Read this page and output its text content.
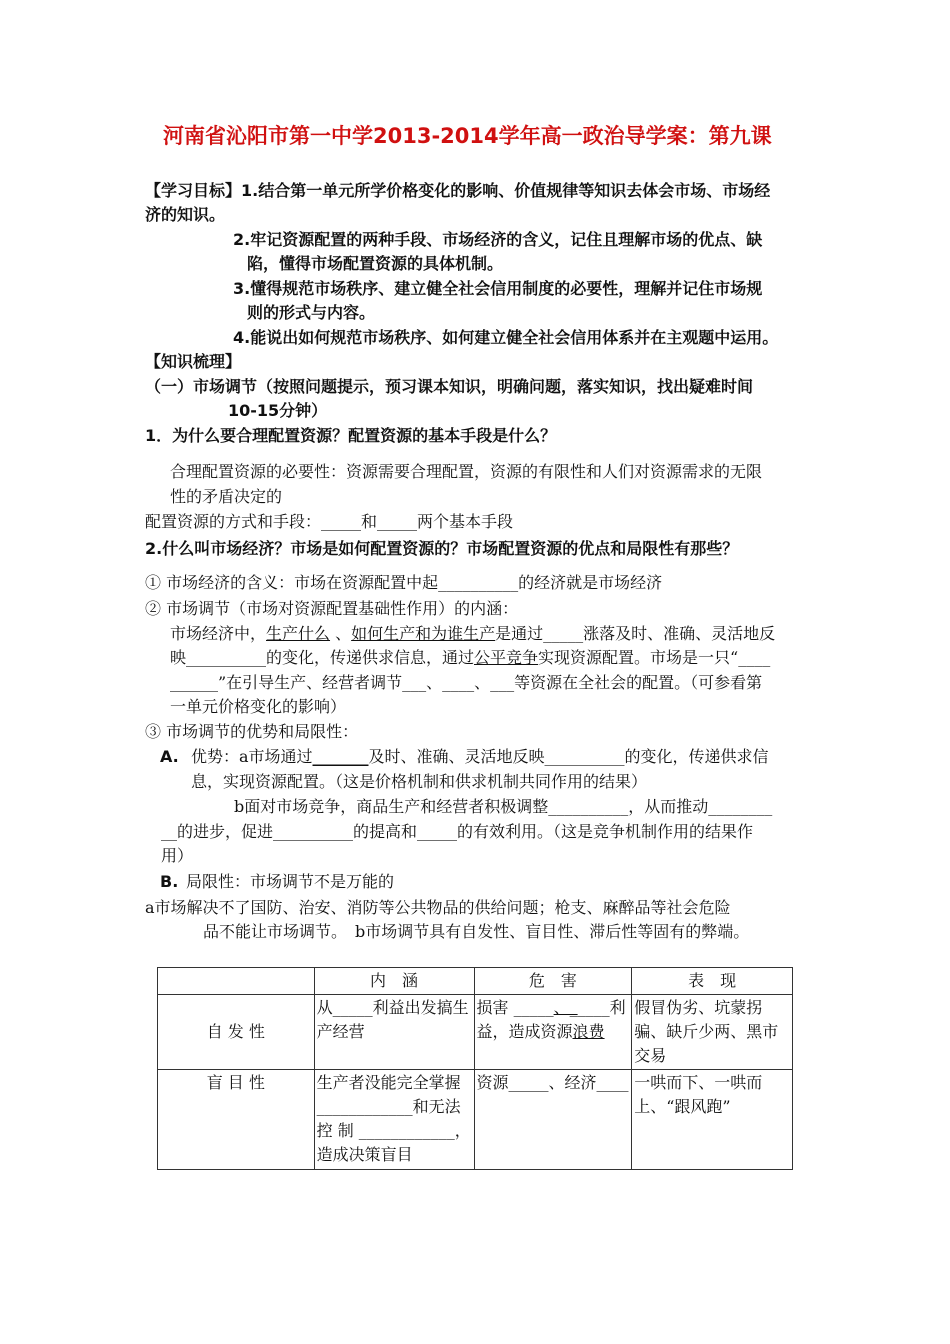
河南省沁阳市第一中学2013-2014学年高一政治导学案：第九课
【学习目标】1.结合第一单元所学价格变化的影响、价值规律等知识去体会市场、市场经
济的知识。
2.牢记资源配置的两种手段、市场经济的含义，记住且理解市场的优点、缺
陷，懂得市场配置资源的具体机制。
3.懂得规范市场秩序、建立健全社会信用制度的必要性，理解并记住市场规
则的形式与内容。
4.能说出如何规范市场秩序、如何建立健全社会信用体系并在主观题中运用。
【知识梳理】
（一）市场调节（按照问题提示，预习课本知识，明确问题，落实知识，找出疑难时间
10-15分钟）
1．为什么要合理配置资源？配置资源的基本手段是什么？
合理配置资源的必要性：资源需要合理配置，资源的有限性和人们对资源需求的无限
性的矛盾决定的
配置资源的方式和手段：_____和_____两个基本手段
2.什么叫市场经济？市场是如何配置资源的？市场配置资源的优点和局限性有那些？
① 市场经济的含义：市场在资源配置中起__________的经济就是市场经济
② 市场调节（市场对资源配置基础性作用）的内涵：
市场经济中，生产什么 、如何生产和为谁生产是通过_____涨落及时、准确、灵活地反
映__________的变化，传递供求信息，通过公平竞争实现资源配置。市场是一只“____
______”在引导生产、经营者调节___、____、___等资源在全社会的配置。（可参看第
一单元价格变化的影响）
③ 市场调节的优势和局限性：
A. 优势：a市场通过_______及时、准确、灵活地反映__________的变化，传递供求信
息，实现资源配置。（这是价格机制和供求机制共同作用的结果）
b面对市场竞争，商品生产和经营者积极调整__________，从而推动________
__的进步，促进__________的提高和_____的有效利用。（这是竞争机制作用的结果作
用）
B. 局限性：市场调节不是万能的
a市场解决不了国防、治安、消防等公共物品的供给问题；枪支、麻醉品等社会危险
品不能让市场调节。　b市场调节具有自发性、盲目性、滞后性等固有的弊端。
	内　涵	危　害	表　现
自 发 性	从_____利益出发搞生产经营	损害 _____、_____利益，造成资源浪费	假冒伪劣、坑蒙拐骗、缺斤少两、黑市交易
盲 目 性	生产者没能完全掌握____________和无法控 制 ____________，造成决策盲目	资源_____、经济____	一哄而下、一哄而上、“跟风跑”
